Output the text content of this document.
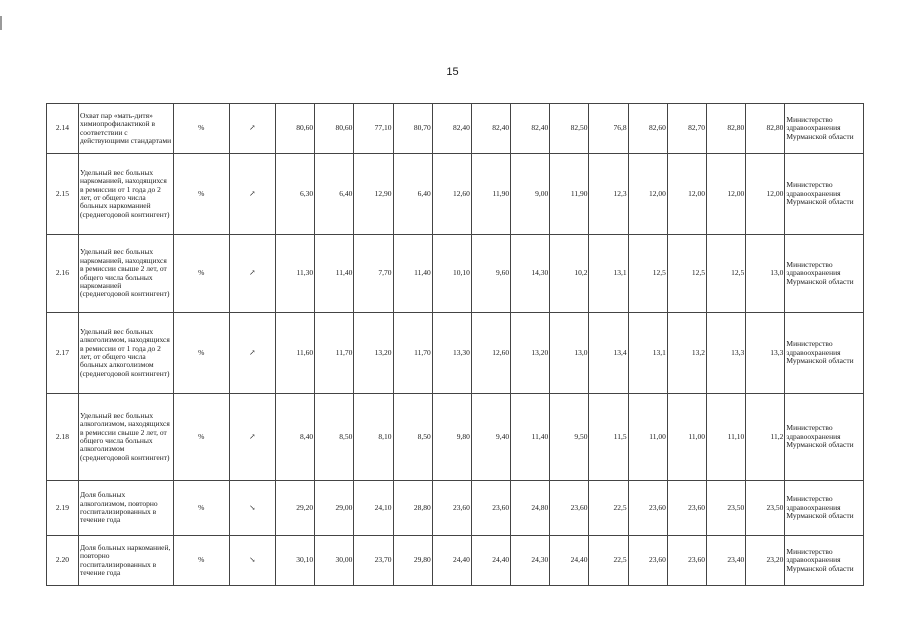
15
2.14	Охват пар «мать-дитя» химиопрофилактикой в соответствии с действующими стандартами	%	↗	80,60	80,60	77,10	80,70	82,40	82,40	82,40	82,50	76,8	82,60	82,70	82,80	82,80	Министерство здравоохранения Мурманской области
2.15	Удельный вес больных наркоманией, находящихся в ремиссии от 1 года до 2 лет, от общего числа больных наркоманией (среднегодовой контингент)	%	↗	6,30	6,40	12,90	6,40	12,60	11,90	9,00	11,90	12,3	12,00	12,00	12,00	12,00	Министерство здравоохранения Мурманской области
2.16	Удельный вес больных наркоманией, находящихся в ремиссии свыше 2 лет, от общего числа больных наркоманией (среднегодовой контингент)	%	↗	11,30	11,40	7,70	11,40	10,10	9,60	14,30	10,2	13,1	12,5	12,5	12,5	13,0	Министерство здравоохранения Мурманской области
2.17	Удельный вес больных алкоголизмом, находящихся в ремиссии от 1 года до 2 лет, от общего числа больных алкоголизмом (среднегодовой контингент)	%	↗	11,60	11,70	13,20	11,70	13,30	12,60	13,20	13,0	13,4	13,1	13,2	13,3	13,3	Министерство здравоохранения Мурманской области
2.18	Удельный вес больных алкоголизмом, находящихся в ремиссии свыше 2 лет, от общего числа больных алкоголизмом (среднегодовой контингент)	%	↗	8,40	8,50	8,10	8,50	9,80	9,40	11,40	9,50	11,5	11,00	11,00	11,10	11,2	Министерство здравоохранения Мурманской области
2.19	Доля больных алкоголизмом, повторно госпитализированных в течение года	%	↘	29,20	29,00	24,10	28,80	23,60	23,60	24,80	23,60	22,5	23,60	23,60	23,50	23,50	Министерство здравоохранения Мурманской области
2.20	Доля больных наркоманией, повторно госпитализированных в течение года	%	↘	30,10	30,00	23,70	29,80	24,40	24,40	24,30	24,40	22,5	23,60	23,60	23,40	23,20	Министерство здравоохранения Мурманской области
